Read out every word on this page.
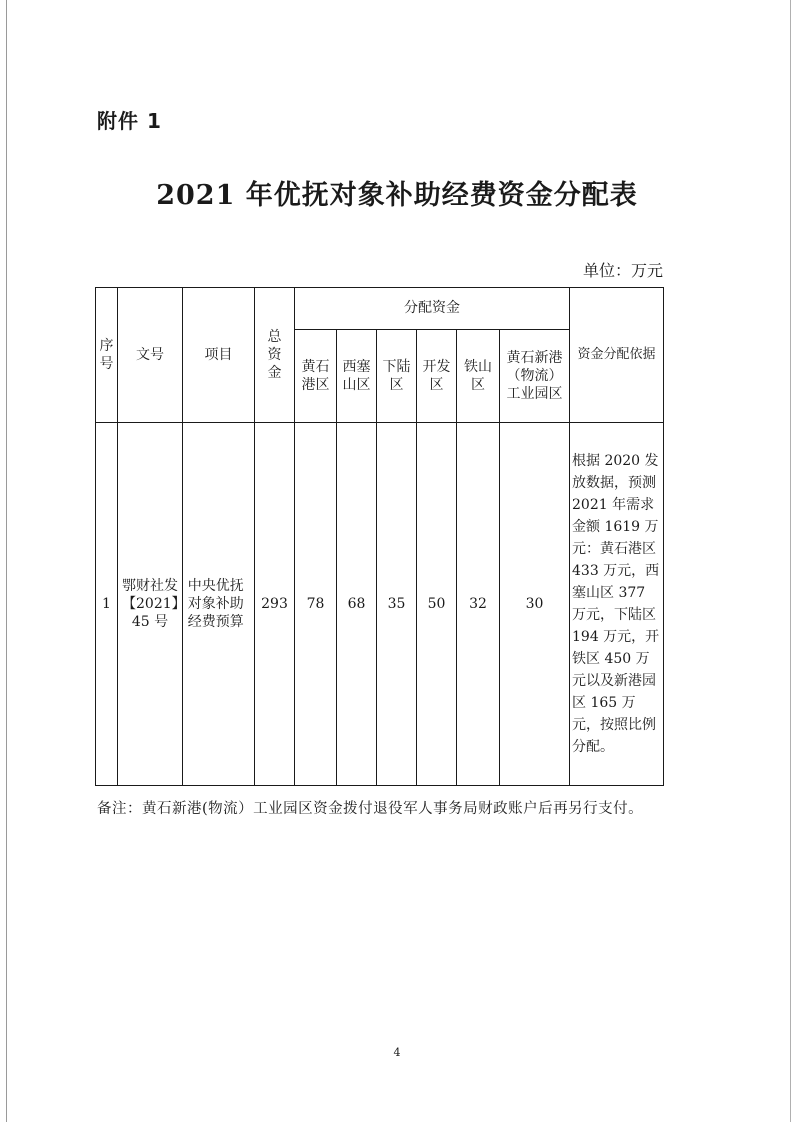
附件 1
2021 年优抚对象补助经费资金分配表
单位：万元
序号	文号	项目	总资金	分配资金						资金分配依据

				黄石港区	西塞山区	下陆区	开发区	铁山区	黄石新港（物流）工业园区	

1	鄂财社发【2021】45 号	中央优抚对象补助经费预算	293	78	68	35	50	32	30	根据 2020 发放数据，预测 2021 年需求金额 1619 万元：黄石港区 433 万元，西塞山区 377 万元，下陆区 194 万元，开铁区 450 万元以及新港园区 165 万元，按照比例分配。
备注：黄石新港(物流）工业园区资金拨付退役军人事务局财政账户后再另行支付。
4
